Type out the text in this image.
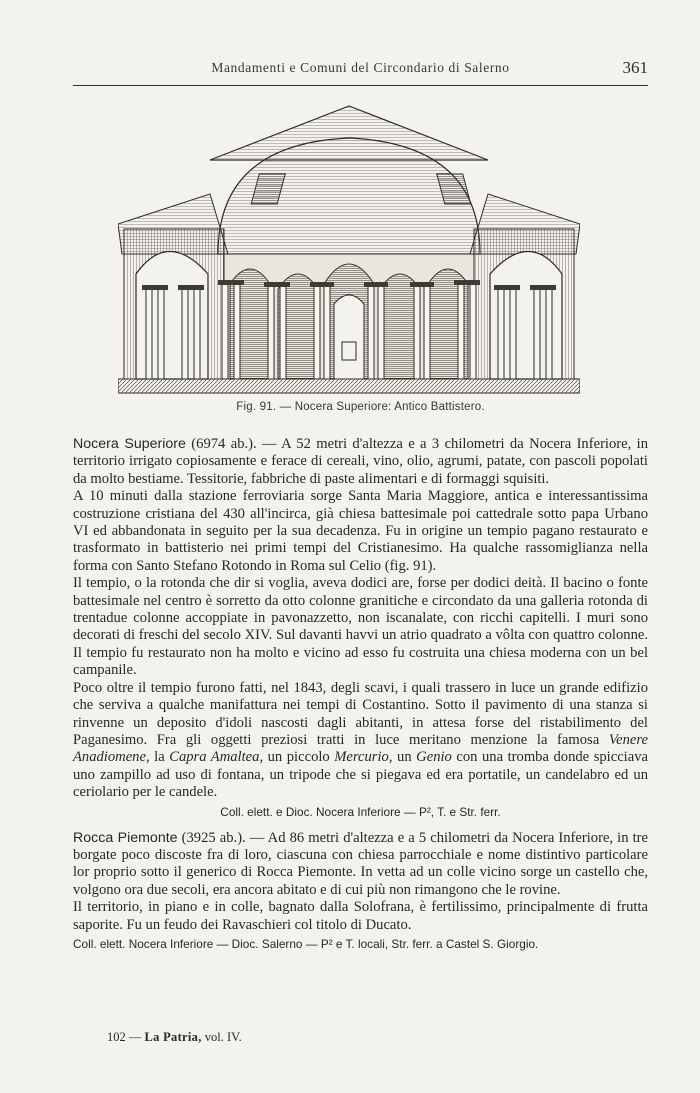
Mandamenti e Comuni del Circondario di Salerno	361
Fig. 91. — Nocera Superiore: Antico Battistero.

Nocera Superiore (6974 ab.). — A 52 metri d'altezza e a 3 chilometri da Nocera Inferiore, in territorio irrigato copiosamente e ferace di cereali, vino, olio, agrumi, patate, con pascoli popolati da molto bestiame. Tessitorie, fabbriche di paste alimentari e di formaggi squisiti.

A 10 minuti dalla stazione ferroviaria sorge Santa Maria Maggiore, antica e interessantissima costruzione cristiana del 430 all'incirca, già chiesa battesimale poi cattedrale sotto papa Urbano VI ed abbandonata in seguito per la sua decadenza. Fu in origine un tempio pagano restaurato e trasformato in battisterio nei primi tempi del Cristianesimo. Ha qualche rassomiglianza nella forma con Santo Stefano Rotondo in Roma sul Celio (fig. 91).

Il tempio, o la rotonda che dir si voglia, aveva dodici are, forse per dodici deità. Il bacino o fonte battesimale nel centro è sorretto da otto colonne granitiche e circondato da una galleria rotonda di trentadue colonne accoppiate in pavonazzetto, non iscanalate, con ricchi capitelli. I muri sono decorati di freschi del secolo XIV. Sul davanti havvi un atrio quadrato a vôlta con quattro colonne. Il tempio fu restaurato non ha molto e vicino ad esso fu costruita una chiesa moderna con un bel campanile.

Poco oltre il tempio furono fatti, nel 1843, degli scavi, i quali trassero in luce un grande edifizio che serviva a qualche manifattura nei tempi di Costantino. Sotto il pavimento di una stanza si rinvenne un deposito d'idoli nascosti dagli abitanti, in attesa forse del ristabilimento del Paganesimo. Fra gli oggetti preziosi tratti in luce meritano menzione la famosa Venere Anadiomene, la Capra Amaltea, un piccolo Mercurio, un Genio con una tromba donde spicciava uno zampillo ad uso di fontana, un tripode che si piegava ed era portatile, un candelabro ed un ceriolario per le candele.

Coll. elett. e Dioc. Nocera Inferiore — P², T. e Str. ferr.

Rocca Piemonte (3925 ab.). — Ad 86 metri d'altezza e a 5 chilometri da Nocera Inferiore, in tre borgate poco discoste fra di loro, ciascuna con chiesa parrocchiale e nome distintivo particolare lor proprio sotto il generico di Rocca Piemonte. In vetta ad un colle vicino sorge un castello che, volgono ora due secoli, era ancora abitato e di cui più non rimangono che le rovine.

Il territorio, in piano e in colle, bagnato dalla Solofrana, è fertilissimo, principalmente di frutta saporite. Fu un feudo dei Ravaschieri col titolo di Ducato.

Coll. elett. Nocera Inferiore — Dioc. Salerno — P² e T. locali, Str. ferr. a Castel S. Giorgio.

102 — La Patria, vol. IV.
